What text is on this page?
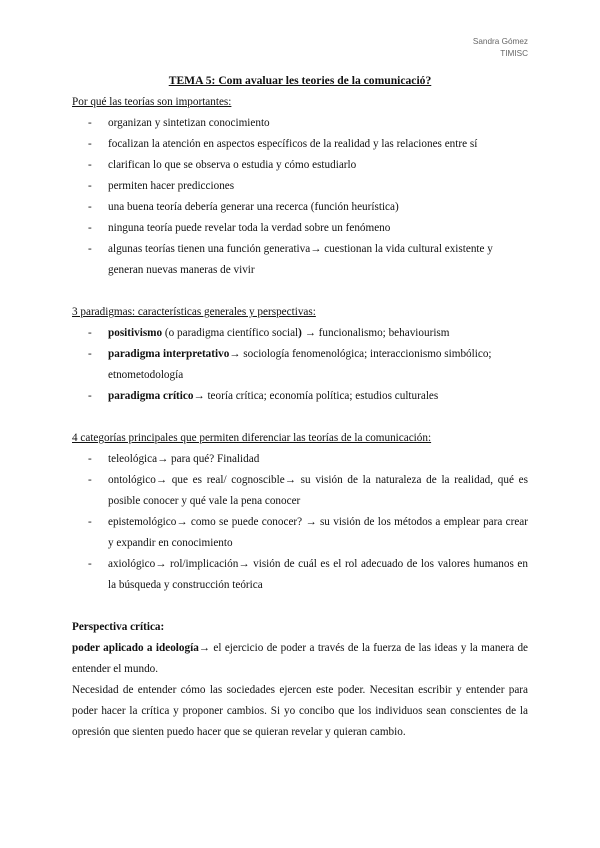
Sandra Gómez
TIMISC
TEMA 5: Com avaluar les teories de la comunicació?
Por qué las teorías son importantes:
- organizan y sintetizan conocimiento
- focalizan la atención en aspectos específicos de la realidad y las relaciones entre sí
- clarifican lo que se observa o estudia y cómo estudiarlo
- permiten hacer predicciones
- una buena teoría debería generar una recerca (función heurística)
- ninguna teoría puede revelar toda la verdad sobre un fenómeno
- algunas teorías tienen una función generativa→ cuestionan la vida cultural existente y generan nuevas maneras de vivir
3 paradigmas: características generales y perspectivas:
- positivismo (o paradigma científico social) → funcionalismo; behaviourism
- paradigma interpretativo→ sociología fenomenológica; interaccionismo simbólico; etnometodología
- paradigma crítico→ teoría crítica; economía política; estudios culturales
4 categorías principales que permiten diferenciar las teorías de la comunicación:
- teleológica→ para qué? Finalidad
- ontológico→ que es real/ cognoscible→ su visión de la naturaleza de la realidad, qué es posible conocer y qué vale la pena conocer
- epistemológico→ como se puede conocer? → su visión de los métodos a emplear para crear y expandir en conocimiento
- axiológico→ rol/implicación→ visión de cuál es el rol adecuado de los valores humanos en la búsqueda y construcción teórica
Perspectiva crítica:
poder aplicado a ideología→ el ejercicio de poder a través de la fuerza de las ideas y la manera de entender el mundo.
Necesidad de entender cómo las sociedades ejercen este poder. Necesitan escribir y entender para poder hacer la crítica y proponer cambios. Si yo concibo que los individuos sean conscientes de la opresión que sienten puedo hacer que se quieran revelar y quieran cambio.
